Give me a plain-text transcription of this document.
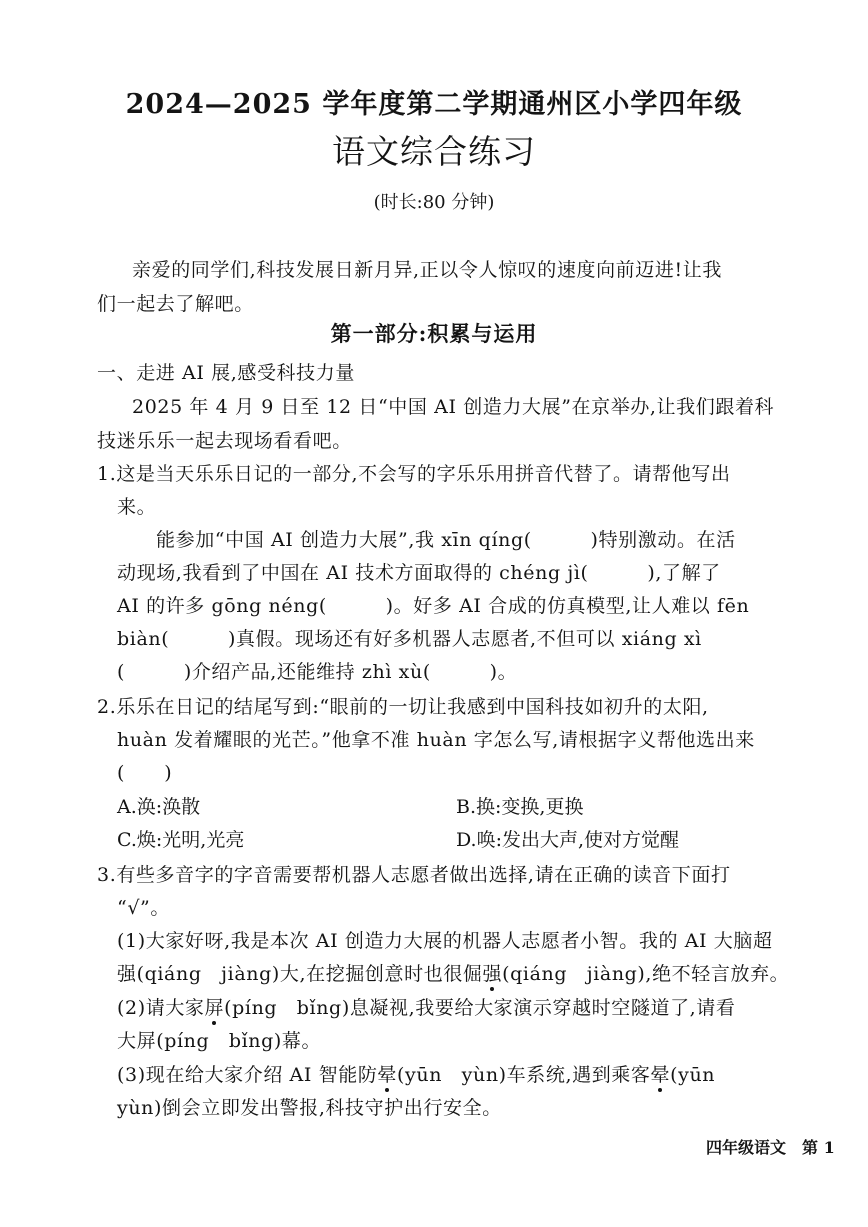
2024—2025 学年度第二学期通州区小学四年级
语文综合练习
(时长:80 分钟)
亲爱的同学们,科技发展日新月异,正以令人惊叹的速度向前迈进!让我
们一起去了解吧。
第一部分:积累与运用
一、走进 AI 展,感受科技力量
2025 年 4 月 9 日至 12 日“中国 AI 创造力大展”在京举办,让我们跟着科
技迷乐乐一起去现场看看吧。
1.这是当天乐乐日记的一部分,不会写的字乐乐用拼音代替了。请帮他写出
来。
能参加“中国 AI 创造力大展”,我 xīn qíng(　　　)特别激动。在活
动现场,我看到了中国在 AI 技术方面取得的 chéng jì(　　　),了解了
AI 的许多 gōng néng(　　　)。好多 AI 合成的仿真模型,让人难以 fēn
biàn(　　　)真假。现场还有好多机器人志愿者,不但可以 xiáng xì
(　　　)介绍产品,还能维持 zhì xù(　　　)。
2.乐乐在日记的结尾写到:“眼前的一切让我感到中国科技如初升的太阳,
huàn 发着耀眼的光芒。”他拿不准 huàn 字怎么写,请根据字义帮他选出来
(　　)
A.涣:涣散	B.换:变换,更换
C.焕:光明,光亮	D.唤:发出大声,使对方觉醒
3.有些多音字的字音需要帮机器人志愿者做出选择,请在正确的读音下面打
“√”。
(1)大家好呀,我是本次 AI 创造力大展的机器人志愿者小智。我的 AI 大脑超
强(qiáng　jiàng)大,在挖掘创意时也很倔强(qiáng　jiàng),绝不轻言放弃。
(2)请大家屏(píng　bǐng)息凝视,我要给大家演示穿越时空隧道了,请看
大屏(píng　bǐng)幕。
(3)现在给大家介绍 AI 智能防晕(yūn　yùn)车系统,遇到乘客晕(yūn
yùn)倒会立即发出警报,科技守护出行安全。
四年级语文　第 1
